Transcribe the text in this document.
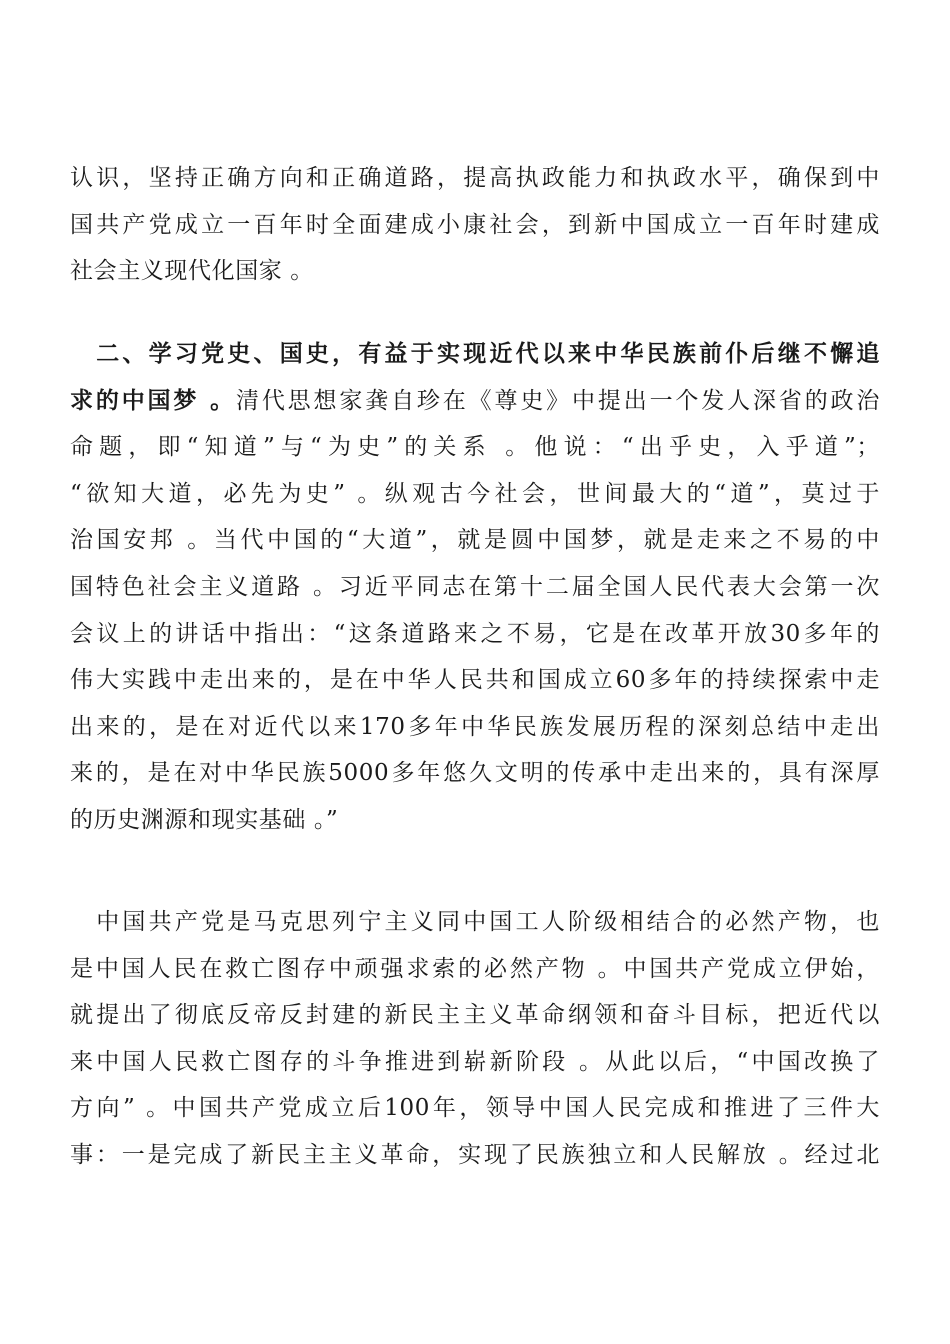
认识，坚持正确方向和正确道路，提高执政能力和执政水平，确保到中
国共产党成立一百年时全面建成小康社会，到新中国成立一百年时建成
社会主义现代化国家 。

　二、学习党史、国史，有益于实现近代以来中华民族前仆后继不懈追
求的中国梦 。清代思想家龚自珍在《尊史》中提出一个发人深省的政治
命题，即“知道”与“为史”的关系 。他说：“出乎史，入乎道”；
“欲知大道，必先为史” 。纵观古今社会，世间最大的“道”，莫过于
治国安邦 。当代中国的“大道”，就是圆中国梦，就是走来之不易的中
国特色社会主义道路 。习近平同志在第十二届全国人民代表大会第一次
会议上的讲话中指出：“这条道路来之不易，它是在改革开放30多年的
伟大实践中走出来的，是在中华人民共和国成立60多年的持续探索中走
出来的，是在对近代以来170多年中华民族发展历程的深刻总结中走出
来的，是在对中华民族5000多年悠久文明的传承中走出来的，具有深厚
的历史渊源和现实基础 。”

　中国共产党是马克思列宁主义同中国工人阶级相结合的必然产物，也
是中国人民在救亡图存中顽强求索的必然产物 。中国共产党成立伊始，
就提出了彻底反帝反封建的新民主主义革命纲领和奋斗目标，把近代以
来中国人民救亡图存的斗争推进到崭新阶段 。从此以后，“中国改换了
方向” 。中国共产党成立后100年，领导中国人民完成和推进了三件大
事：一是完成了新民主主义革命，实现了民族独立和人民解放 。经过北
